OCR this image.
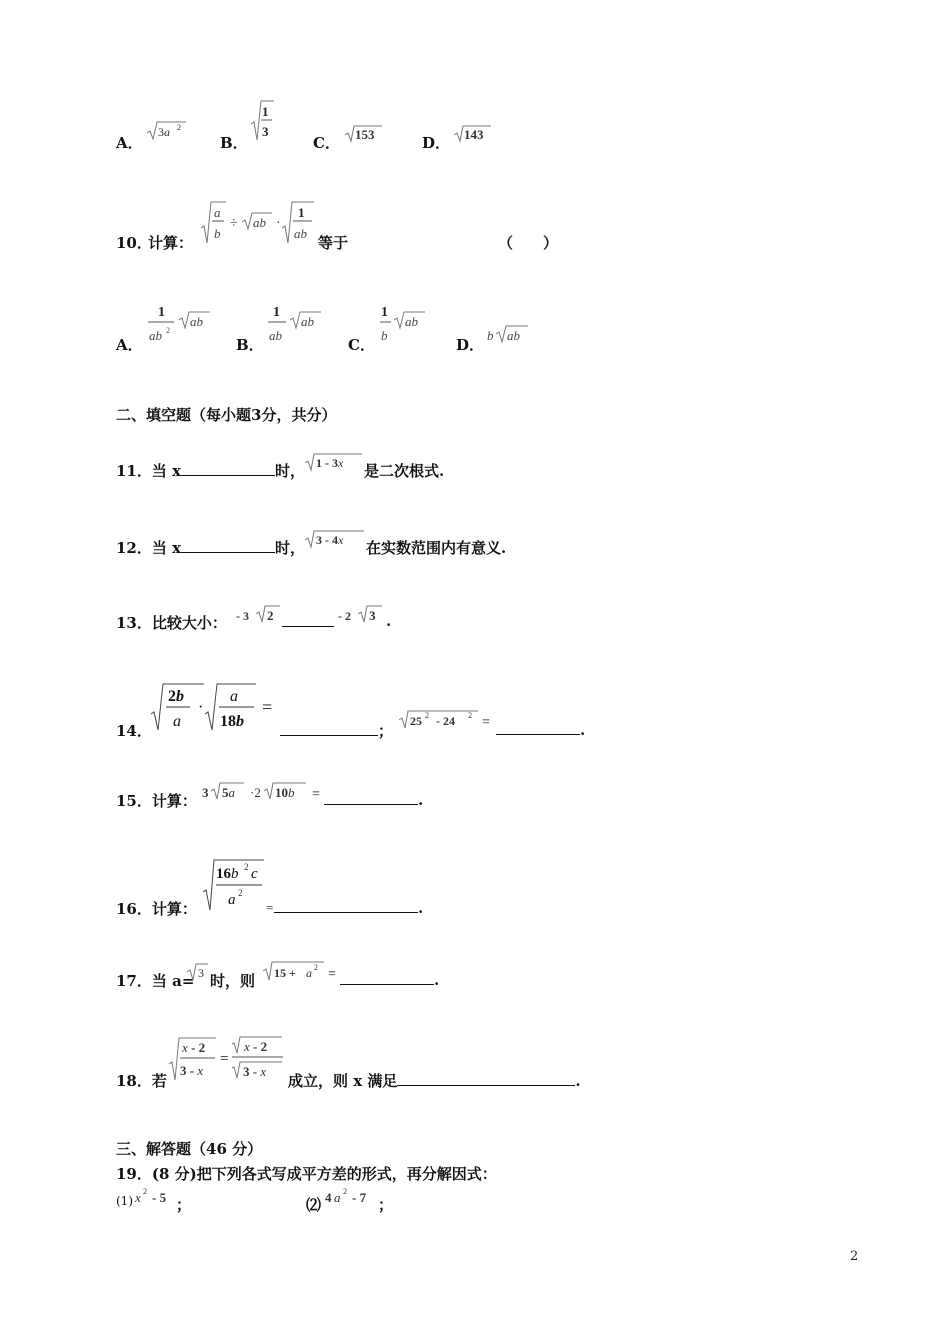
A．
3a 2
B．
1
3
C． 153	D． 143
10．
计算：
a
b
÷ ab ·
1
ab
等于	（　　）
A．
1
ab 2
ab
B．
1
ab
ab
C．
1
b
ab
D．
b ab
二、填空题（每小题3分，共分）
11．当 x	时， 1 - 3x 是二次根式.
12．当 x	时， 3 - 4x 在实数范围内有意义.
13．比较大小： - 3 2	- 2 3 .
14．
2b
a
·
a
18b
=
；
25 2 - 24 2 =	.
15．计算： 3 5a ·2 10b =	.
16．计算：
16b 2 c
a 2
=	.
17．当 a= 3 时，则 15 + a 2 =	.
18．若
x - 2
3 - x
=
x - 2
3 - x
成立，则 x 满足	.
三、解答题（46 分）
19．(8 分)把下列各式写成平方差的形式，再分解因式：
(1) x 2 - 5 ；	⑵ 4 a 2 - 7 ；
2
